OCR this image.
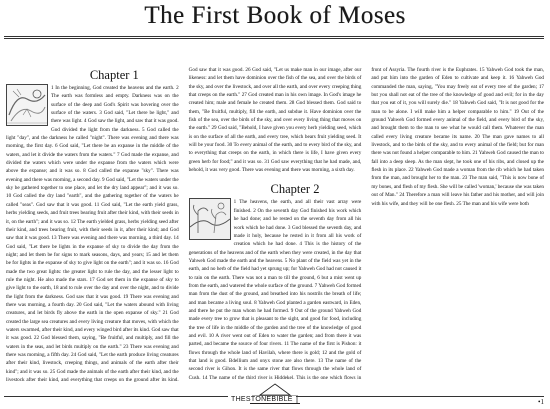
The First Book of Moses
Chapter 1

1 In the beginning, God created the heavens and the earth. 2 The earth was formless and empty. Darkness was on the surface of the deep and God's Spirit was hovering over the surface of the waters. 3 God said, "Let there be light," and there was light. 4 God saw the light, and saw that it was good. God divided the light from the darkness. 5 God called the light "day", and the darkness he called "night". There was evening and there was morning, the first day. 6 God said, "Let there be an expanse in the middle of the waters, and let it divide the waters from the waters." 7 God made the expanse, and divided the waters which were under the expanse from the waters which were above the expanse; and it was so. 8 God called the expanse "sky". There was evening and there was morning, a second day. 9 God said, "Let the waters under the sky be gathered together to one place, and let the dry land appear"; and it was so. 10 God called the dry land "earth", and the gathering together of the waters he called "seas". God saw that it was good. 11 God said, "Let the earth yield grass, herbs yielding seeds, and fruit trees bearing fruit after their kind, with their seeds in it, on the earth"; and it was so. 12 The earth yielded grass, herbs yielding seed after their kind, and trees bearing fruit, with their seeds in it, after their kind; and God saw that it was good. 13 There was evening and there was morning, a third day. 14 God said, "Let there be lights in the expanse of sky to divide the day from the night; and let them be for signs to mark seasons, days, and years; 15 and let them be for lights in the expanse of sky to give light on the earth"; and it was so. 16 God made the two great lights: the greater light to rule the day, and the lesser light to rule the night. He also made the stars. 17 God set them in the expanse of sky to give light to the earth, 18 and to rule over the day and over the night, and to divide the light from the darkness. God saw that it was good. 19 There was evening and there was morning, a fourth day. 20 God said, "Let the waters abound with living creatures, and let birds fly above the earth in the open expanse of sky." 21 God created the large sea creatures and every living creature that moves, with which the waters swarmed, after their kind, and every winged bird after its kind. God saw that it was good. 22 God blessed them, saying, "Be fruitful, and multiply, and fill the waters in the seas, and let birds multiply on the earth." 23 There was evening and there was morning, a fifth day. 24 God said, "Let the earth produce living creatures after their kind, livestock, creeping things, and animals of the earth after their kind"; and it was so. 25 God made the animals of the earth after their kind, and the livestock after their kind, and everything that creeps on the ground after its kind. God saw that it was good. 26 God said, "Let us make man in our image, after our likeness: and let them have dominion over the fish of the sea, and over the birds of the sky, and over the livestock, and over all the earth, and over every creeping thing that creeps on the earth." 27 God created man in his own image. In God's image he created him; male and female he created them. 28 God blessed them. God said to them, "Be fruitful, multiply, fill the earth, and subdue it. Have dominion over the fish of the sea, over the birds of the sky, and over every living thing that moves on the earth." 29 God said, "Behold, I have given you every herb yielding seed, which is on the surface of all the earth, and every tree, which bears fruit yielding seed. It will be your food. 30 To every animal of the earth, and to every bird of the sky, and to everything that creeps on the earth, in which there is life, I have given every green herb for food;" and it was so. 31 God saw everything that he had made, and, behold, it was very good. There was evening and there was morning, a sixth day.

Chapter 2

1 The heavens, the earth, and all their vast array were finished. 2 On the seventh day God finished his work which he had done; and he rested on the seventh day from all his work which he had done. 3 God blessed the seventh day, and made it holy, because he rested in it from all his work of creation which he had done. 4 This is the history of the generations of the heavens and of the earth when they were created, in the day that Yahweh God made the earth and the heavens. 5 No plant of the field was yet in the earth, and no herb of the field had yet sprung up; for Yahweh God had not caused it to rain on the earth. There was not a man to till the ground, 6 but a mist went up from the earth, and watered the whole surface of the ground. 7 Yahweh God formed man from the dust of the ground, and breathed into his nostrils the breath of life; and man became a living soul. 8 Yahweh God planted a garden eastward, in Eden, and there he put the man whom he had formed. 9 Out of the ground Yahweh God made every tree to grow that is pleasant to the sight, and good for food, including the tree of life in the middle of the garden and the tree of the knowledge of good and evil. 10 A river went out of Eden to water the garden; and from there it was parted, and became the source of four rivers. 11 The name of the first is Pishon: it flows through the whole land of Havilah, where there is gold; 12 and the gold of that land is good. Bdellium and onyx stone are also there. 13 The name of the second river is Gihon. It is the same river that flows through the whole land of Cush. 14 The name of the third river is Hiddekel. This is the one which flows in front of Assyria. The fourth river is the Euphrates. 15 Yahweh God took the man, and put him into the garden of Eden to cultivate and keep it. 16 Yahweh God commanded the man, saying, "You may freely eat of every tree of the garden; 17 but you shall not eat of the tree of the knowledge of good and evil; for in the day that you eat of it, you will surely die." 18 Yahweh God said, "It is not good for the man to be alone. I will make him a helper comparable to him." 19 Out of the ground Yahweh God formed every animal of the field, and every bird of the sky, and brought them to the man to see what he would call them. Whatever the man called every living creature became its name. 20 The man gave names to all livestock, and to the birds of the sky, and to every animal of the field; but for man there was not found a helper comparable to him. 21 Yahweh God caused the man to fall into a deep sleep. As the man slept, he took one of his ribs, and closed up the flesh in its place. 22 Yahweh God made a woman from the rib which he had taken from the man, and brought her to the man. 23 The man said, "This is now bone of my bones, and flesh of my flesh. She will be called 'woman,' because she was taken out of Man." 24 Therefore a man will leave his father and his mother, and will join with his wife, and they will be one flesh. 25 The man and his wife were both

THESTONEBIBLE	•1
